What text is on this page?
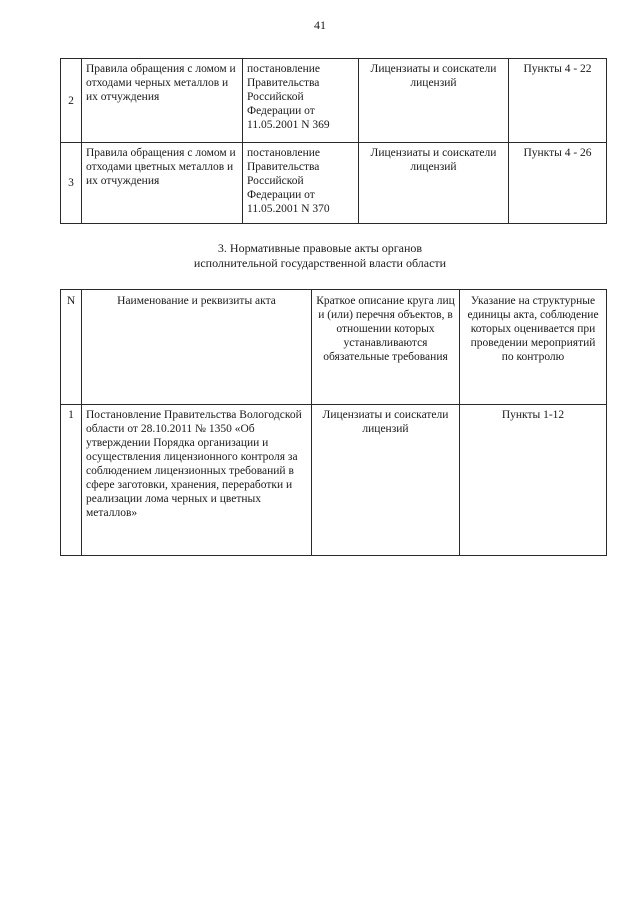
41
2	Правила обращения с ломом и отходами черных металлов и их отчуждения	постановление Правительства Российской Федерации от 11.05.2001 N 369	Лицензиаты и соискатели лицензий	Пункты 4 - 22
3	Правила обращения с ломом и отходами цветных металлов и их отчуждения	постановление Правительства Российской Федерации от 11.05.2001 N 370	Лицензиаты и соискатели лицензий	Пункты 4 - 26
3. Нормативные правовые акты органов
исполнительной государственной власти области
N	Наименование и реквизиты акта	Краткое описание круга лиц и (или) перечня объектов, в отношении которых устанавливаются обязательные требования	Указание на структурные единицы акта, соблюдение которых оценивается при проведении мероприятий по контролю
1	Постановление Правительства Вологодской области от 28.10.2011 № 1350 «Об утверждении Порядка организации и осуществления лицензионного контроля за соблюдением лицензионных требований в сфере заготовки, хранения, переработки и реализации лома черных и цветных металлов»	Лицензиаты и соискатели лицензий	Пункты 1-12
